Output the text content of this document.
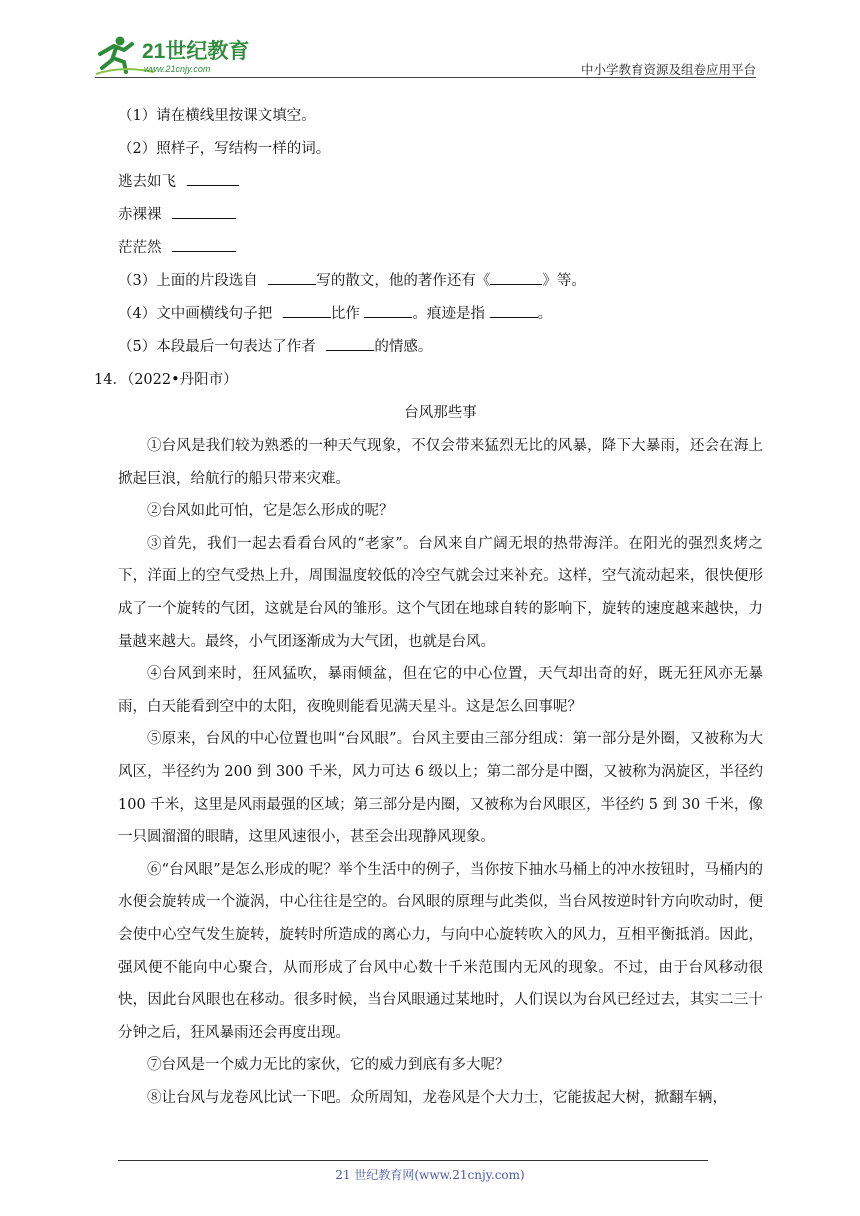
21世纪教育
www.21cnjy.com	中小学教育资源及组卷应用平台
（1）请在横线里按课文填空。
（2）照样子，写结构一样的词。
逃去如飞
赤裸裸
茫茫然
（3）上面的片段选自	写的散文，他的著作还有《	》等。
（4）文中画横线句子把	比作	。痕迹是指	。
（5）本段最后一句表达了作者	的情感。
14．（2022•丹阳市）
台风那些事

①台风是我们较为熟悉的一种天气现象，不仅会带来猛烈无比的风暴，降下大暴雨，还会在海上掀起巨浪，给航行的船只带来灾难。

②台风如此可怕，它是怎么形成的呢？

③首先，我们一起去看看台风的“老家”。台风来自广阔无垠的热带海洋。在阳光的强烈炙烤之下，洋面上的空气受热上升，周围温度较低的冷空气就会过来补充。这样，空气流动起来，很快便形成了一个旋转的气团，这就是台风的雏形。这个气团在地球自转的影响下，旋转的速度越来越快，力量越来越大。最终，小气团逐渐成为大气团，也就是台风。

④台风到来时，狂风猛吹，暴雨倾盆，但在它的中心位置，天气却出奇的好，既无狂风亦无暴雨，白天能看到空中的太阳，夜晚则能看见满天星斗。这是怎么回事呢？

⑤原来，台风的中心位置也叫“台风眼”。台风主要由三部分组成：第一部分是外圈，又被称为大风区，半径约为 200 到 300 千米，风力可达 6 级以上；第二部分是中圈，又被称为涡旋区，半径约 100 千米，这里是风雨最强的区域；第三部分是内圈，又被称为台风眼区，半径约 5 到 30 千米，像一只圆溜溜的眼睛，这里风速很小，甚至会出现静风现象。

⑥“台风眼”是怎么形成的呢？举个生活中的例子，当你按下抽水马桶上的冲水按钮时，马桶内的水便会旋转成一个漩涡，中心往往是空的。台风眼的原理与此类似，当台风按逆时针方向吹动时，便会使中心空气发生旋转，旋转时所造成的离心力，与向中心旋转吹入的风力，互相平衡抵消。因此，强风便不能向中心聚合，从而形成了台风中心数十千米范围内无风的现象。不过，由于台风移动很快，因此台风眼也在移动。很多时候，当台风眼通过某地时，人们误以为台风已经过去，其实二三十分钟之后，狂风暴雨还会再度出现。

⑦台风是一个威力无比的家伙，它的威力到底有多大呢？

⑧让台风与龙卷风比试一下吧。众所周知，龙卷风是个大力士，它能拔起大树，掀翻车辆，

21 世纪教育网(www.21cnjy.com)
